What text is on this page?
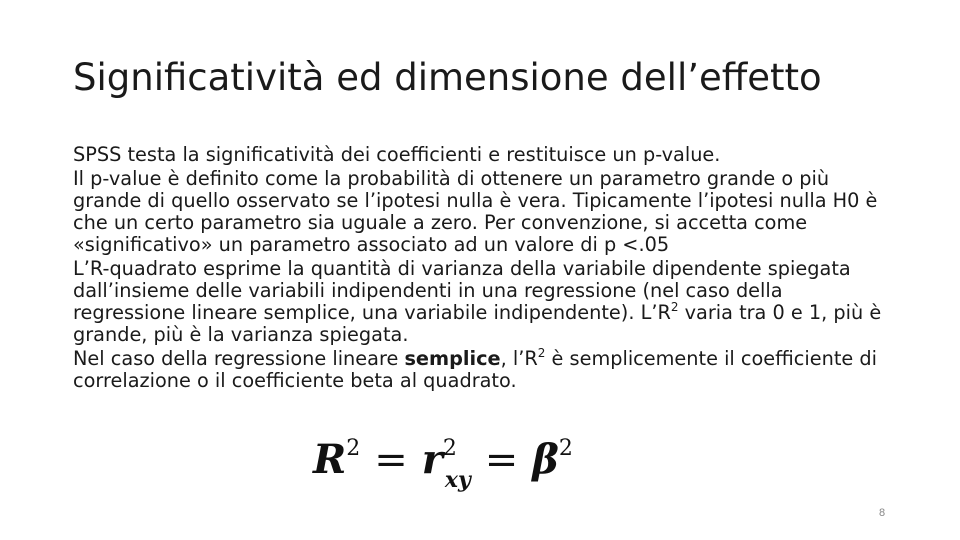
Significatività ed dimensione dell’effetto

SPSS testa la significatività dei coefficienti e restituisce un p-value.

Il p-value è definito come la probabilità di ottenere un parametro grande o più grande di quello osservato se l’ipotesi nulla è vera. Tipicamente l’ipotesi nulla H0 è che un certo parametro sia uguale a zero. Per convenzione, si accetta come «significativo» un parametro associato ad un valore di p <.05

L’R-quadrato esprime la quantità di varianza della variabile dipendente spiegata dall’insieme delle variabili indipendenti in una regressione (nel caso della regressione lineare semplice, una variabile indipendente). $L’R^2$ varia tra 0 e 1, più è grande, più è la varianza spiegata.

Nel caso della regressione lineare semplice, $l’R^2$ è semplicemente il coefficiente di correlazione o il coefficiente beta al quadrato.

$R^2 = r^2_{xy} = \beta^2$
8
